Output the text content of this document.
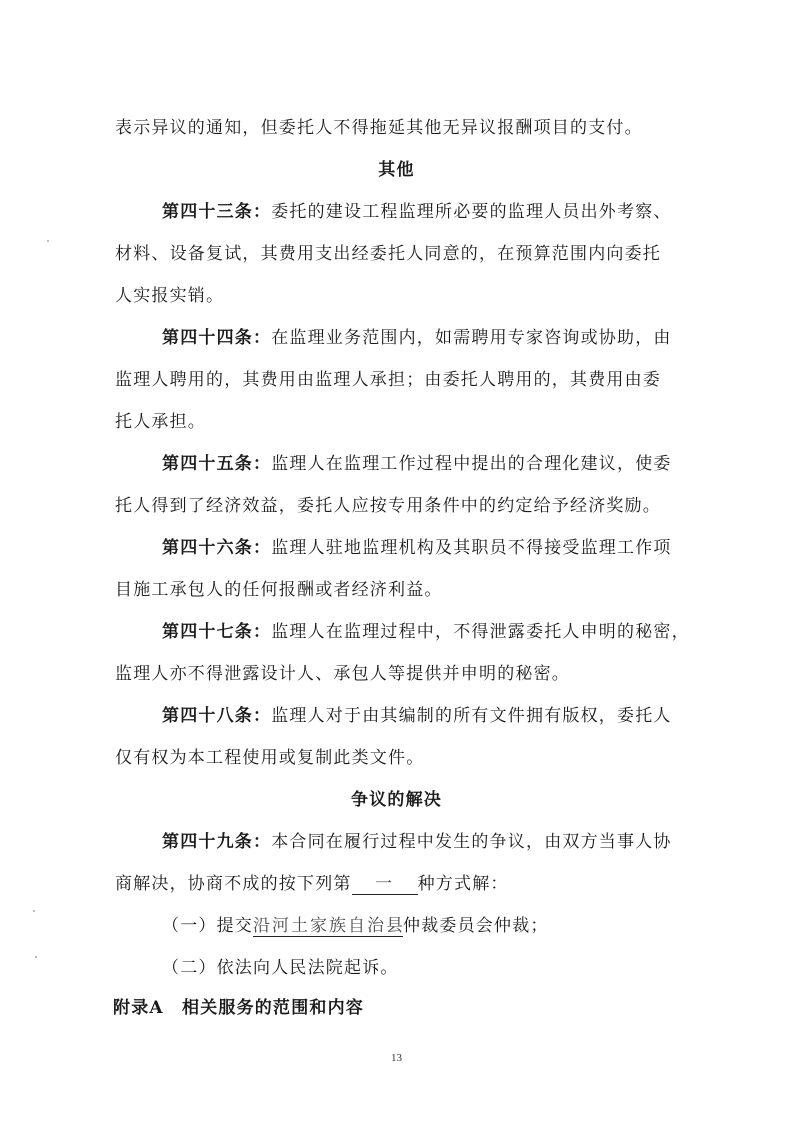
表示异议的通知，但委托人不得拖延其他无异议报酬项目的支付。
其他
第四十三条：委托的建设工程监理所必要的监理人员出外考察、
材料、设备复试，其费用支出经委托人同意的，在预算范围内向委托
人实报实销。
第四十四条：在监理业务范围内，如需聘用专家咨询或协助，由
监理人聘用的，其费用由监理人承担；由委托人聘用的，其费用由委
托人承担。
第四十五条：监理人在监理工作过程中提出的合理化建议，使委
托人得到了经济效益，委托人应按专用条件中的约定给予经济奖励。
第四十六条：监理人驻地监理机构及其职员不得接受监理工作项
目施工承包人的任何报酬或者经济利益。
第四十七条：监理人在监理过程中，不得泄露委托人申明的秘密，
监理人亦不得泄露设计人、承包人等提供并申明的秘密。
第四十八条：监理人对于由其编制的所有文件拥有版权，委托人
仅有权为本工程使用或复制此类文件。
争议的解决
第四十九条：本合同在履行过程中发生的争议，由双方当事人协
商解决，协商不成的按下列第 一 种方式解：
（一）提交沿河土家族自治县仲裁委员会仲裁；
（二）依法向人民法院起诉。
附录A　相关服务的范围和内容
13
